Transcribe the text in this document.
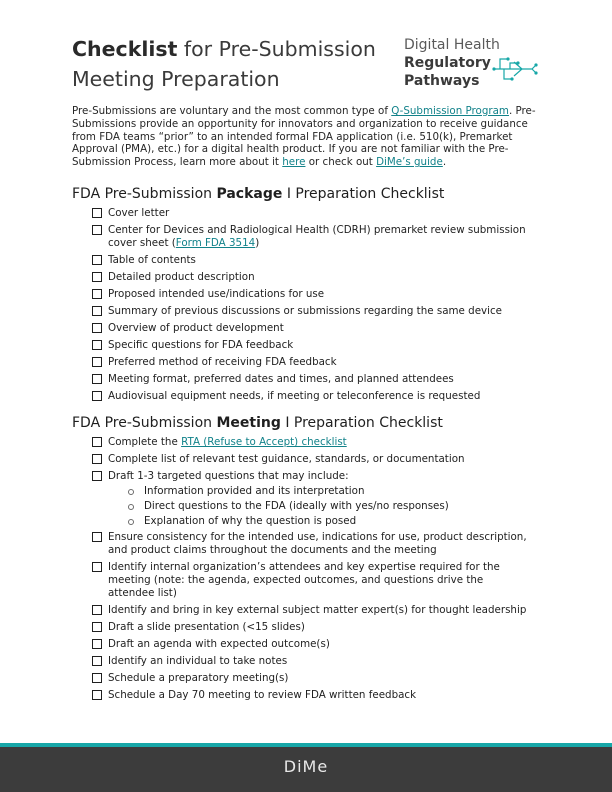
Checklist for Pre-Submission Meeting Preparation
Digital Health
Regulatory
Pathways

Pre-Submissions are voluntary and the most common type of Q-Submission Program. Pre-Submissions provide an opportunity for innovators and organization to receive guidance from FDA teams “prior” to an intended formal FDA application (i.e. 510(k), Premarket Approval (PMA), etc.) for a digital health product. If you are not familiar with the Pre-Submission Process, learn more about it here or check out DiMe’s guide.

FDA Pre-Submission Package I Preparation Checklist
Cover letter
Center for Devices and Radiological Health (CDRH) premarket review submission cover sheet (Form FDA 3514)
Table of contents
Detailed product description
Proposed intended use/indications for use
Summary of previous discussions or submissions regarding the same device
Overview of product development
Specific questions for FDA feedback
Preferred method of receiving FDA feedback
Meeting format, preferred dates and times, and planned attendees
Audiovisual equipment needs, if meeting or teleconference is requested
FDA Pre-Submission Meeting I Preparation Checklist
Complete the RTA (Refuse to Accept) checklist
Complete list of relevant test guidance, standards, or documentation
Draft 1-3 targeted questions that may include:
Information provided and its interpretation
Direct questions to the FDA (ideally with yes/no responses)
Explanation of why the question is posed
Ensure consistency for the intended use, indications for use, product description, and product claims throughout the documents and the meeting
Identify internal organization’s attendees and key expertise required for the meeting (note: the agenda, expected outcomes, and questions drive the attendee list)
Identify and bring in key external subject matter expert(s) for thought leadership
Draft a slide presentation (<15 slides)
Draft an agenda with expected outcome(s)
Identify an individual to take notes
Schedule a preparatory meeting(s)
Schedule a Day 70 meeting to review FDA written feedback
DiMe
